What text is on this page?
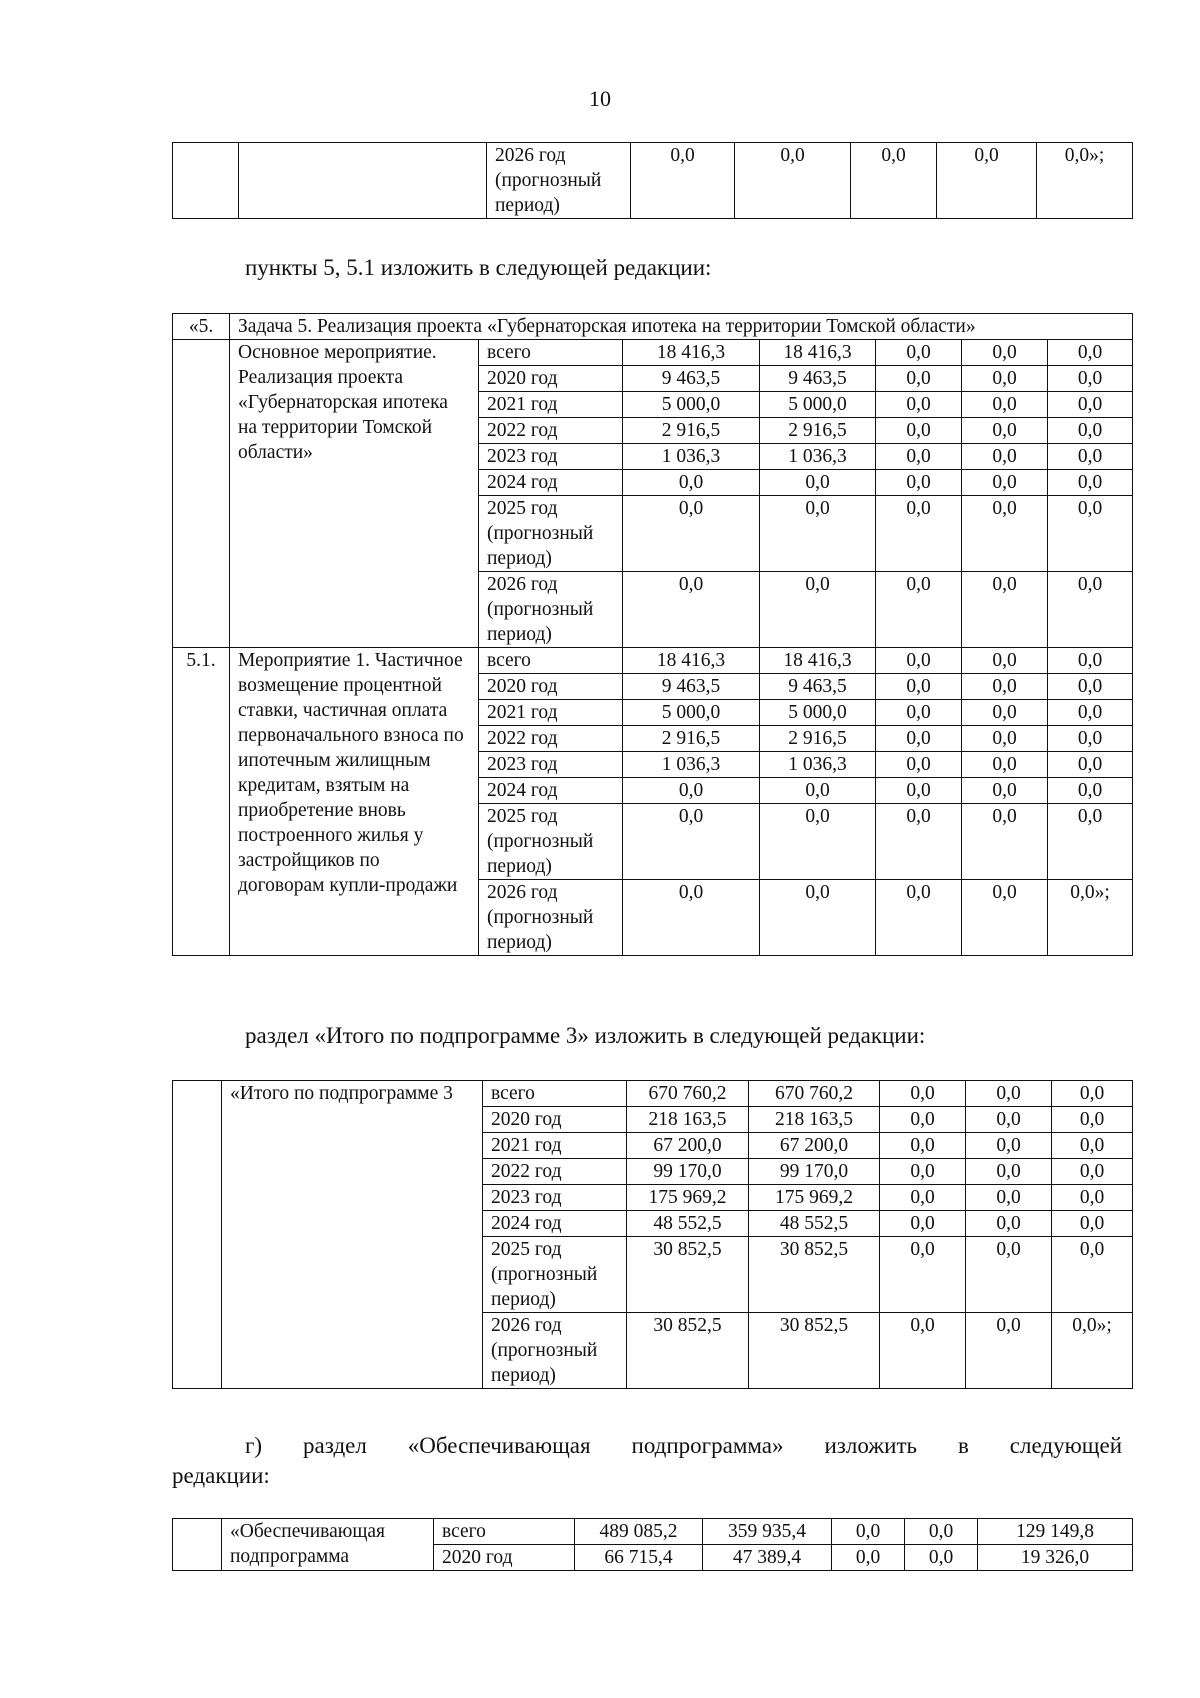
10
		2026 год (прогнозный период)	0,0	0,0	0,0	0,0	0,0»;
пункты 5, 5.1 изложить в следующей редакции:
«5.	Задача 5. Реализация проекта «Губернаторская ипотека на территории Томской области»						
	Основное мероприятие. Реализация проекта «Губернаторская ипотека на территории Томской области»	всего	18 416,3	18 416,3	0,0	0,0	0,0
		2020 год	9 463,5	9 463,5	0,0	0,0	0,0
		2021 год	5 000,0	5 000,0	0,0	0,0	0,0
		2022 год	2 916,5	2 916,5	0,0	0,0	0,0
		2023 год	1 036,3	1 036,3	0,0	0,0	0,0
		2024 год	0,0	0,0	0,0	0,0	0,0
		2025 год (прогнозный период)	0,0	0,0	0,0	0,0	0,0
		2026 год (прогнозный период)	0,0	0,0	0,0	0,0	0,0
5.1.	Мероприятие 1. Частичное возмещение процентной ставки, частичная оплата первоначального взноса по ипотечным жилищным кредитам, взятым на приобретение вновь построенного жилья у застройщиков по договорам купли-продажи	всего	18 416,3	18 416,3	0,0	0,0	0,0
		2020 год	9 463,5	9 463,5	0,0	0,0	0,0
		2021 год	5 000,0	5 000,0	0,0	0,0	0,0
		2022 год	2 916,5	2 916,5	0,0	0,0	0,0
		2023 год	1 036,3	1 036,3	0,0	0,0	0,0
		2024 год	0,0	0,0	0,0	0,0	0,0
		2025 год (прогнозный период)	0,0	0,0	0,0	0,0	0,0
		2026 год (прогнозный период)	0,0	0,0	0,0	0,0	0,0»;
раздел «Итого по подпрограмме 3» изложить в следующей редакции:
	«Итого по подпрограмме 3	всего	670 760,2	670 760,2	0,0	0,0	0,0
		2020 год	218 163,5	218 163,5	0,0	0,0	0,0
		2021 год	67 200,0	67 200,0	0,0	0,0	0,0
		2022 год	99 170,0	99 170,0	0,0	0,0	0,0
		2023 год	175 969,2	175 969,2	0,0	0,0	0,0
		2024 год	48 552,5	48 552,5	0,0	0,0	0,0
		2025 год (прогнозный период)	30 852,5	30 852,5	0,0	0,0	0,0
		2026 год (прогнозный период)	30 852,5	30 852,5	0,0	0,0	0,0»;
г) раздел «Обеспечивающая подпрограмма» изложить в следующей
редакции:
	«Обеспечивающая подпрограмма	всего	489 085,2	359 935,4	0,0	0,0	129 149,8
		2020 год	66 715,4	47 389,4	0,0	0,0	19 326,0
